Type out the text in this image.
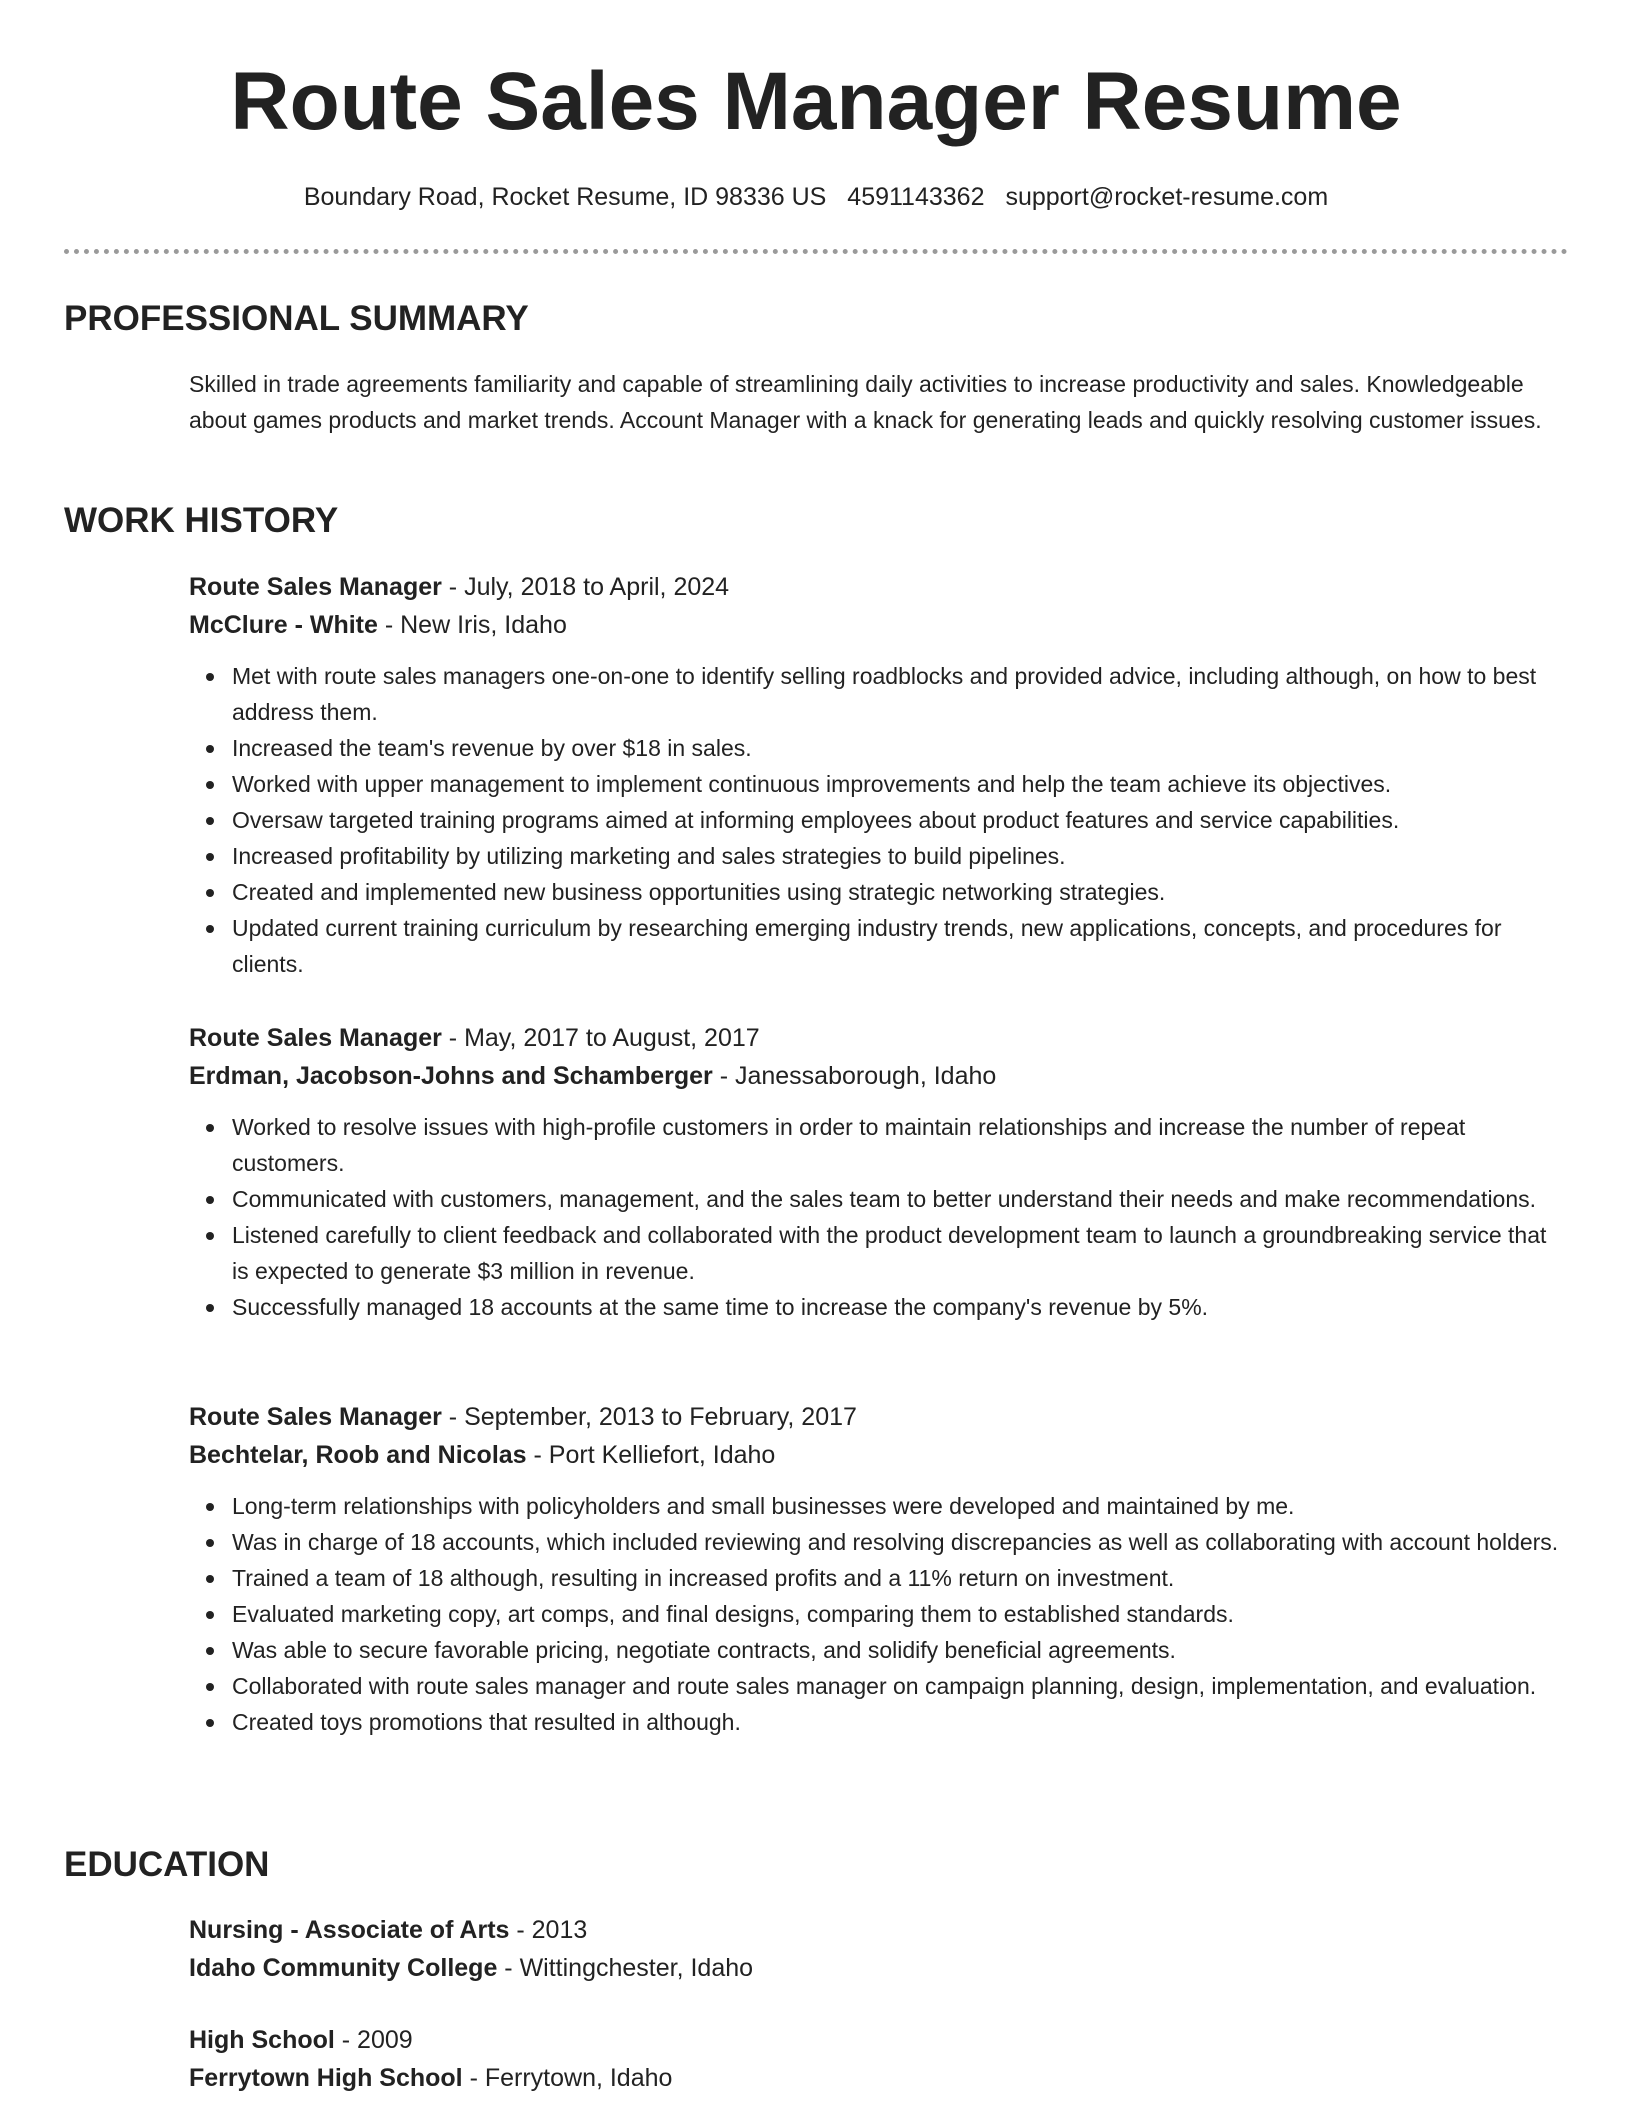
Route Sales Manager Resume
Boundary Road, Rocket Resume, ID 98336 US 4591143362 support@rocket-resume.com
PROFESSIONAL SUMMARY

Skilled in trade agreements familiarity and capable of streamlining daily activities to increase productivity and sales. Knowledgeable about games products and market trends. Account Manager with a knack for generating leads and quickly resolving customer issues.

WORK HISTORY
Route Sales Manager - July, 2018 to April, 2024
McClure - White - New Iris, Idaho
Met with route sales managers one-on-one to identify selling roadblocks and provided advice, including although, on how to best address them.
Increased the team's revenue by over $18 in sales.
Worked with upper management to implement continuous improvements and help the team achieve its objectives.
Oversaw targeted training programs aimed at informing employees about product features and service capabilities.
Increased profitability by utilizing marketing and sales strategies to build pipelines.
Created and implemented new business opportunities using strategic networking strategies.
Updated current training curriculum by researching emerging industry trends, new applications, concepts, and procedures for clients.
Route Sales Manager - May, 2017 to August, 2017
Erdman, Jacobson-Johns and Schamberger - Janessaborough, Idaho
Worked to resolve issues with high-profile customers in order to maintain relationships and increase the number of repeat customers.
Communicated with customers, management, and the sales team to better understand their needs and make recommendations.
Listened carefully to client feedback and collaborated with the product development team to launch a groundbreaking service that is expected to generate $3 million in revenue.
Successfully managed 18 accounts at the same time to increase the company's revenue by 5%.
Route Sales Manager - September, 2013 to February, 2017
Bechtelar, Roob and Nicolas - Port Kelliefort, Idaho
Long-term relationships with policyholders and small businesses were developed and maintained by me.
Was in charge of 18 accounts, which included reviewing and resolving discrepancies as well as collaborating with account holders.
Trained a team of 18 although, resulting in increased profits and a 11% return on investment.
Evaluated marketing copy, art comps, and final designs, comparing them to established standards.
Was able to secure favorable pricing, negotiate contracts, and solidify beneficial agreements.
Collaborated with route sales manager and route sales manager on campaign planning, design, implementation, and evaluation.
Created toys promotions that resulted in although.
EDUCATION
Nursing - Associate of Arts - 2013
Idaho Community College - Wittingchester, Idaho
High School - 2009
Ferrytown High School - Ferrytown, Idaho
